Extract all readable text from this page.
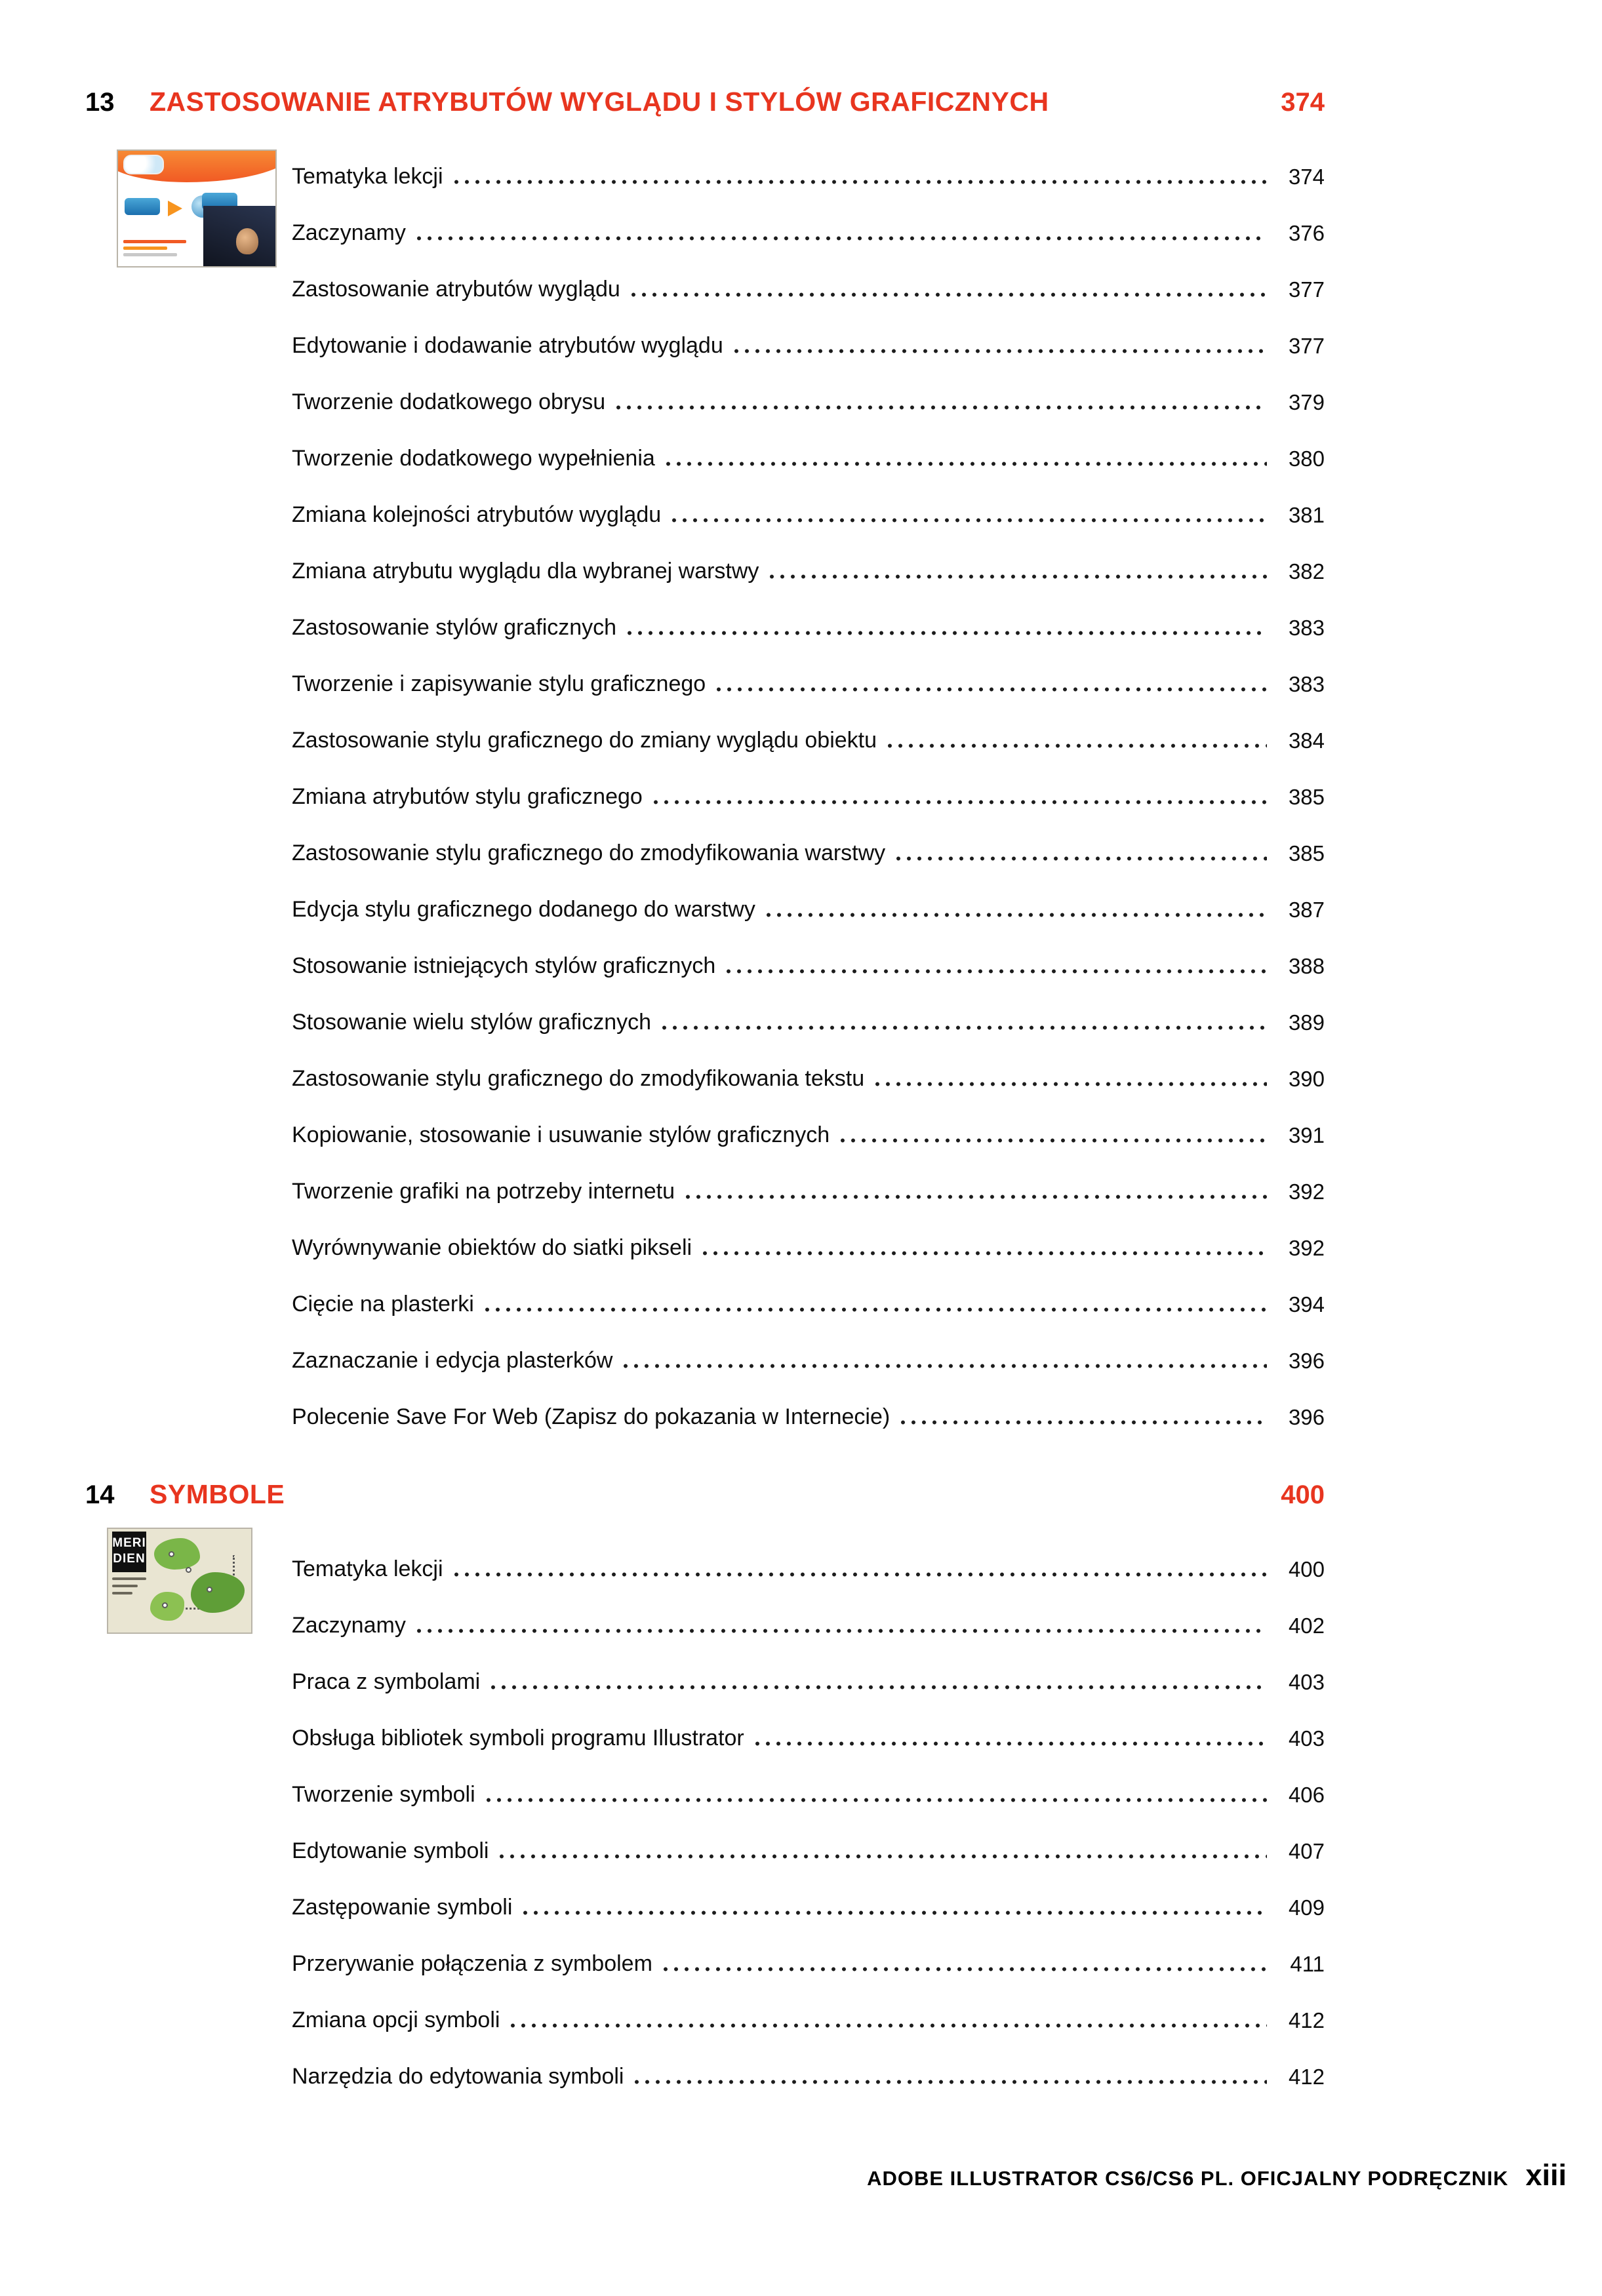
13	ZASTOSOWANIE ATRYBUTÓW WYGLĄDU I STYLÓW GRAFICZNYCH	374
Tematyka lekcji	374
Zaczynamy	376
Zastosowanie atrybutów wyglądu	377
Edytowanie i dodawanie atrybutów wyglądu	377
Tworzenie dodatkowego obrysu	379
Tworzenie dodatkowego wypełnienia	380
Zmiana kolejności atrybutów wyglądu	381
Zmiana atrybutu wyglądu dla wybranej warstwy	382
Zastosowanie stylów graficznych	383
Tworzenie i zapisywanie stylu graficznego	383
Zastosowanie stylu graficznego do zmiany wyglądu obiektu	384
Zmiana atrybutów stylu graficznego	385
Zastosowanie stylu graficznego do zmodyfikowania warstwy	385
Edycja stylu graficznego dodanego do warstwy	387
Stosowanie istniejących stylów graficznych	388
Stosowanie wielu stylów graficznych	389
Zastosowanie stylu graficznego do zmodyfikowania tekstu	390
Kopiowanie, stosowanie i usuwanie stylów graficznych	391
Tworzenie grafiki na potrzeby internetu	392
Wyrównywanie obiektów do siatki pikseli	392
Cięcie na plasterki	394
Zaznaczanie i edycja plasterków	396
Polecenie Save For Web (Zapisz do pokazania w Internecie)	396
MERI
DIEN
14	SYMBOLE	400
Tematyka lekcji	400
Zaczynamy	402
Praca z symbolami	403
Obsługa bibliotek symboli programu Illustrator	403
Tworzenie symboli	406
Edytowanie symboli	407
Zastępowanie symboli	409
Przerywanie połączenia z symbolem	411
Zmiana opcji symboli	412
Narzędzia do edytowania symboli	412
ADOBE ILLUSTRATOR CS6/CS6 PL. OFICJALNY PODRĘCZNIK xiii
